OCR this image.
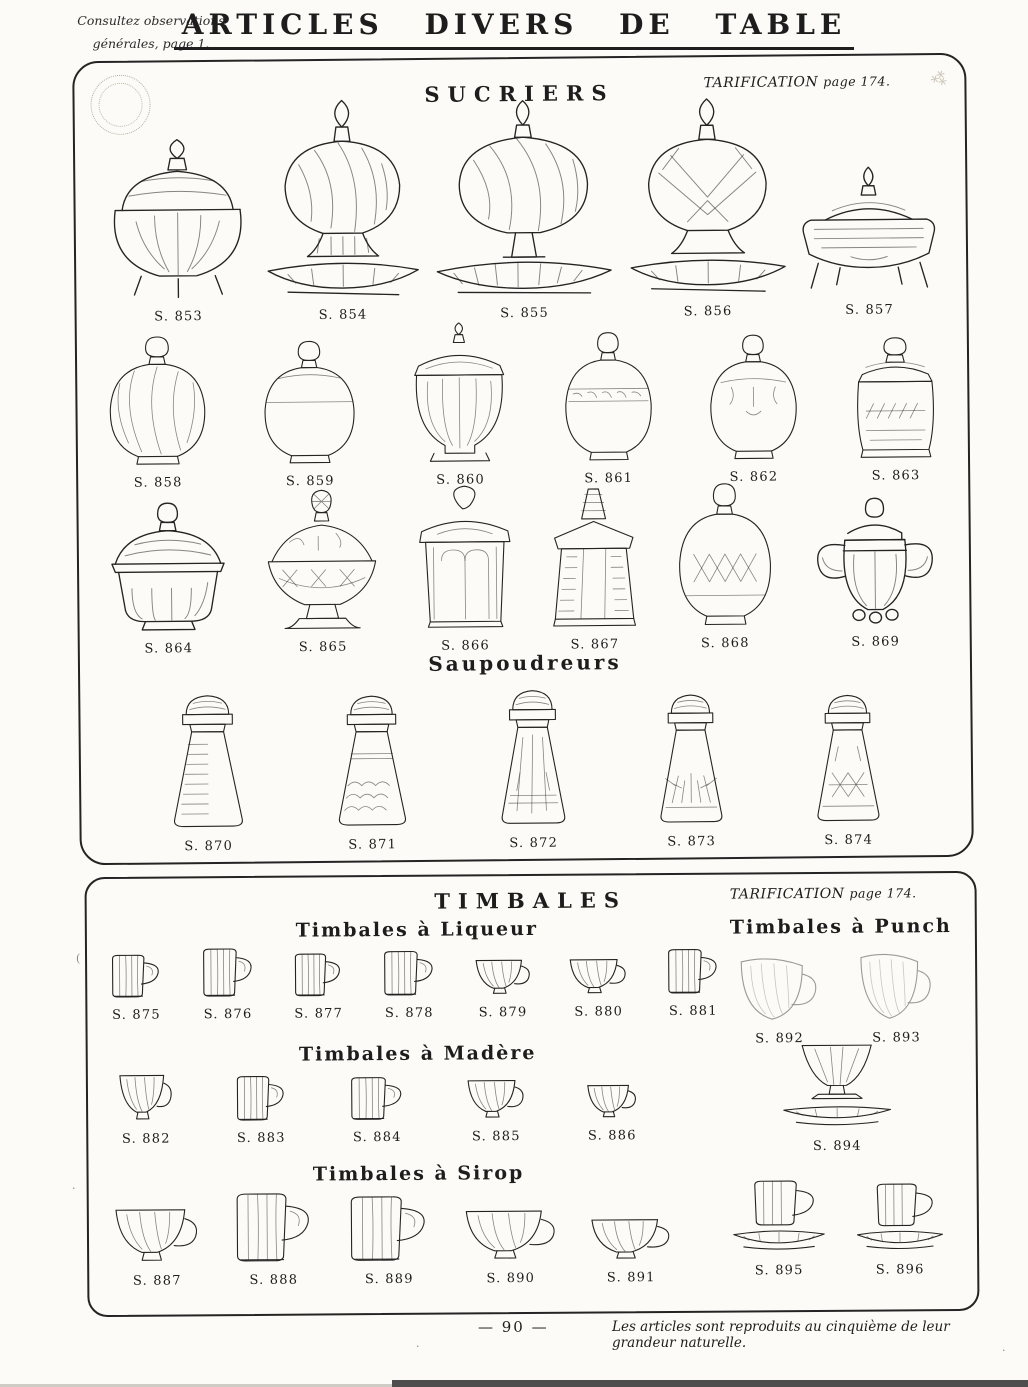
Consultez observations
générales, page 1.
ARTICLES DIVERS DE TABLE
⁂
SUCRIERS	TARIFICATION page 174.
S. 853	S. 854	S. 855	S. 856	S. 857
S. 858	S. 859	S. 860	S. 861	S. 862	S. 863
S. 864	S. 865	S. 866	S. 867	S. 868	S. 869
Saupoudreurs
S. 870	S. 871	S. 872	S. 873	S. 874
TIMBALES	TARIFICATION page 174.
Timbales à Liqueur
S. 875	S. 876	S. 877	S. 878	S. 879	S. 880	S. 881
Timbales à Punch
S. 892	S. 893
Timbales à Madère
S. 882	S. 883	S. 884	S. 885	S. 886
S. 894
Timbales à Sirop
S. 887	S. 888	S. 889	S. 890	S. 891	S. 895	S. 896
— 90 —	Les articles sont reproduits au cinquième de leur grandeur naturelle.
(
·
·	·
